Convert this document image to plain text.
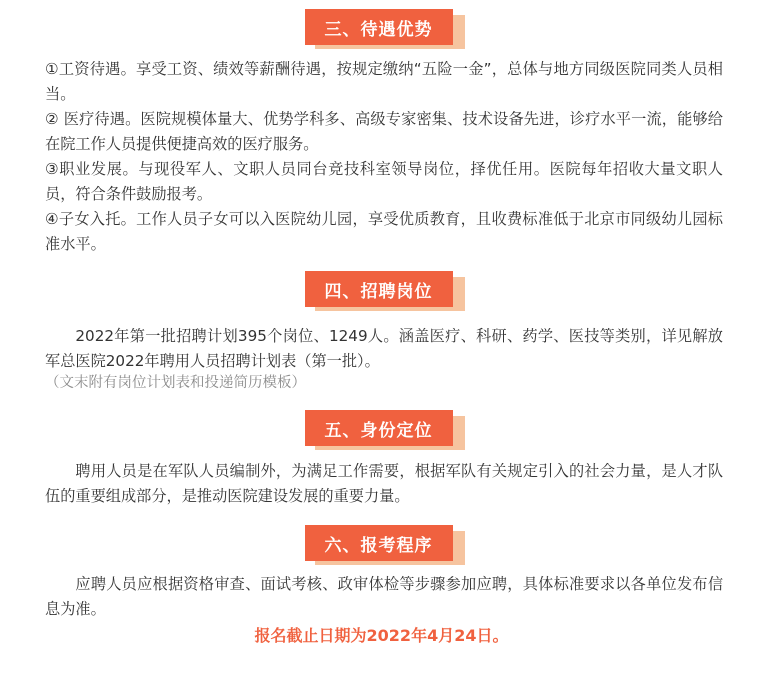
三、待遇优势
①工资待遇。享受工资、绩效等薪酬待遇，按规定缴纳“五险一金”，总体与地方同级医院同类人员相当。
② 医疗待遇。医院规模体量大、优势学科多、高级专家密集、技术设备先进，诊疗水平一流，能够给在院工作人员提供便捷高效的医疗服务。
③职业发展。与现役军人、文职人员同台竞技科室领导岗位，择优任用。医院每年招收大量文职人员，符合条件鼓励报考。
④子女入托。工作人员子女可以入医院幼儿园，享受优质教育，且收费标准低于北京市同级幼儿园标准水平。
四、招聘岗位
2022年第一批招聘计划395个岗位、1249人。涵盖医疗、科研、药学、医技等类别，详见解放军总医院2022年聘用人员招聘计划表（第一批）。
（文末附有岗位计划表和投递简历模板）
五、身份定位
聘用人员是在军队人员编制外，为满足工作需要，根据军队有关规定引入的社会力量，是人才队伍的重要组成部分，是推动医院建设发展的重要力量。
六、报考程序
应聘人员应根据资格审查、面试考核、政审体检等步骤参加应聘，具体标准要求以各单位发布信息为准。
报名截止日期为2022年4月24日。
